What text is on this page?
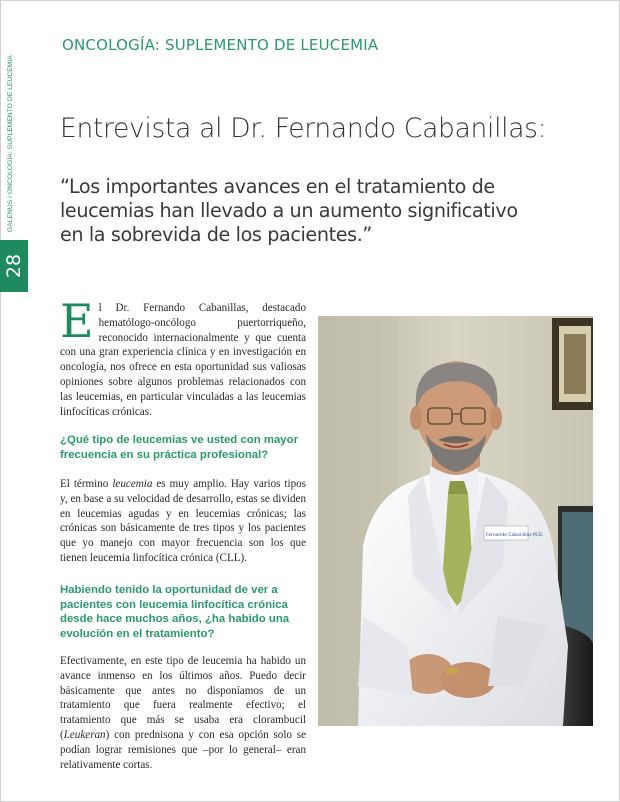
ONCOLOGÍA: SUPLEMENTO DE LEUCEMIA
28
GALENUS / ONCOLOGÍA: SUPLEMENTO DE LEUCEMIA Entrevista al Dr. Fernando Cabanillas:
“Los importantes avances en el tratamiento de leucemias han llevado a un aumento significativo en la sobrevida de los pacientes.”
El Dr. Fernando Cabanillas, destacado hematólogo-oncólogo puertorriqueño, reconocido internacionalmente y que cuenta con una gran experiencia clínica y en investigación en oncología, nos ofrece en esta oportunidad sus valiosas opiniones sobre algunos problemas relacionados con las leucemias, en particular vinculadas a las leucemias linfocíticas crónicas.
¿Qué tipo de leucemias ve usted con mayor frecuencia en su práctica profesional?
El término leucemia es muy amplio. Hay varios tipos y, en base a su velocidad de desarrollo, estas se dividen en leucemias agudas y en leucemias crónicas; las crónicas son básicamente de tres tipos y los pacientes que yo manejo con mayor frecuencia son los que tienen leucemia linfocítica crónica (CLL).
Habiendo tenido la oportunidad de ver a pacientes con leucemia linfocítica crónica desde hace muchos años, ¿ha habido una evolución en el tratamiento?
Efectivamente, en este tipo de leucemia ha habido un avance inmenso en los últimos años. Puedo decir básicamente que antes no disponíamos de un tratamiento que fuera realmente efectivo; el tratamiento que más se usaba era clorambucil (Leukeran) con prednisona y con esa opción solo se podían lograr remisiones que –por lo general– eran relativamente cortas.
Fernando Cabanillas M.D.
